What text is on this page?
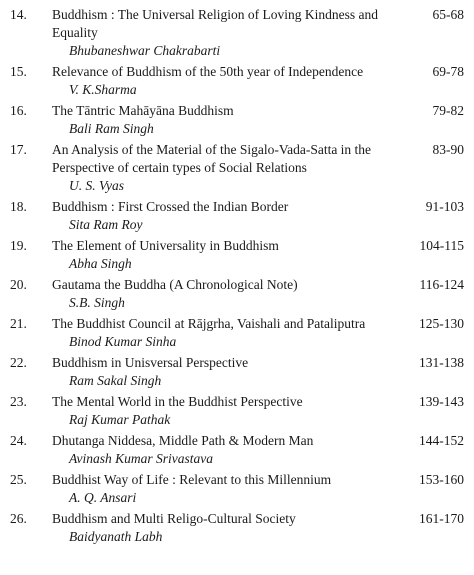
14. Buddhism : The Universal Religion of Loving Kindness and Equality
Bhubaneshwar Chakrabarti
65-68
15. Relevance of Buddhism of the 50th year of Independence
V. K.Sharma
69-78
16. The Tāntric Mahāyāna Buddhism
Bali Ram Singh
79-82
17. An Analysis of the Material of the Sigalo-Vada-Satta in the Perspective of certain types of Social Relations
U. S. Vyas
83-90
18. Buddhism : First Crossed the Indian Border
Sita Ram Roy
91-103
19. The Element of Universality in Buddhism
Abha Singh
104-115
20. Gautama the Buddha (A Chronological Note)
S.B. Singh
116-124
21. The Buddhist Council at Rājgrha, Vaishali and Pataliputra
Binod Kumar Sinha
125-130
22. Buddhism in Unisversal Perspective
Ram Sakal Singh
131-138
23. The Mental World in the Buddhist Perspective
Raj Kumar Pathak
139-143
24. Dhutanga Niddesa, Middle Path & Modern Man
Avinash Kumar Srivastava
144-152
25. Buddhist Way of Life : Relevant to this Millennium
A. Q. Ansari
153-160
26. Buddhism and Multi Religo-Cultural Society
Baidyanath Labh
161-170
